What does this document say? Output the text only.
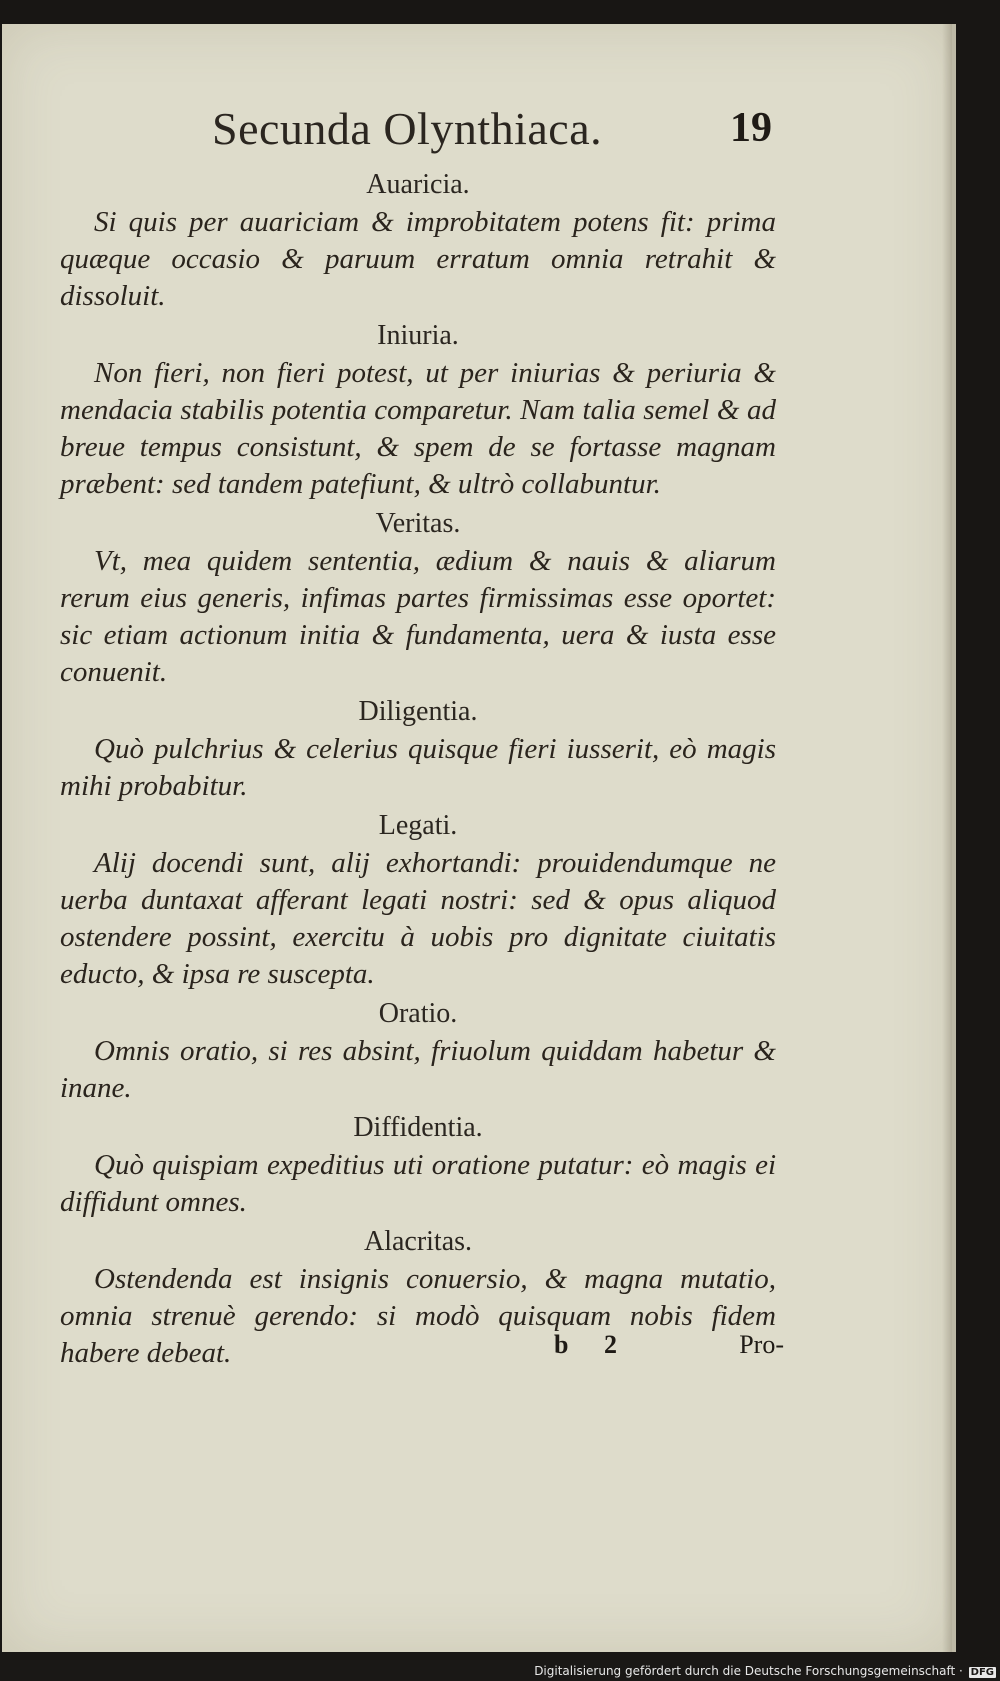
Secunda Olynthiaca.	19
Auaricia.

Si quis per auariciam & improbitatem potens fit: prima quæque occasio & paruum erratum omnia retrahit & dissoluit.

Iniuria.

Non fieri, non fieri potest, ut per iniurias & periuria & mendacia stabilis potentia comparetur. Nam talia semel & ad breue tempus consistunt, & spem de se fortasse magnam præbent: sed tandem patefiunt, & ultrò collabuntur.

Veritas.

Vt, mea quidem sententia, ædium & nauis & aliarum rerum eius generis, infimas partes firmissimas esse oportet: sic etiam actionum initia & fundamenta, uera & iusta esse conuenit.

Diligentia.

Quò pulchrius & celerius quisque fieri iusserit, eò magis mihi probabitur.

Legati.

Alij docendi sunt, alij exhortandi: prouidendumque ne uerba duntaxat afferant legati nostri: sed & opus aliquod ostendere possint, exercitu à uobis pro dignitate ciuitatis educto, & ipsa re suscepta.

Oratio.

Omnis oratio, si res absint, friuolum quiddam habetur & inane.

Diffidentia.

Quò quispiam expeditius uti oratione putatur: eò magis ei diffidunt omnes.

Alacritas.

Ostendenda est insignis conuersio, & magna mutatio, omnia strenuè gerendo: si modò quisquam nobis fidem habere debeat.	b 2	Pro-
Digitalisierung gefördert durch die Deutsche Forschungsgemeinschaft · DFG
